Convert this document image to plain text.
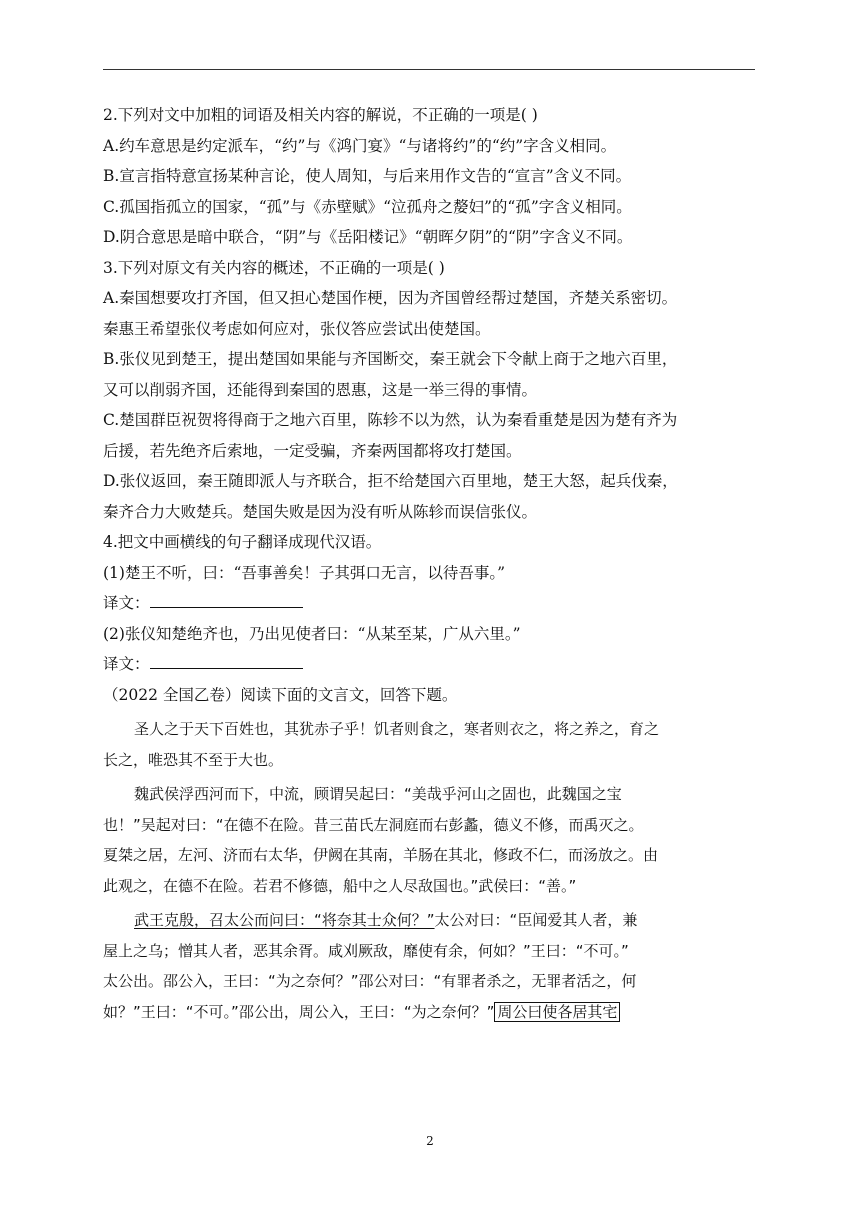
2.下列对文中加粗的词语及相关内容的解说，不正确的一项是( )
A.约车意思是约定派车，“约”与《鸿门宴》“与诸将约”的“约”字含义相同。
B.宣言指特意宣扬某种言论，使人周知，与后来用作文告的“宣言”含义不同。
C.孤国指孤立的国家，“孤”与《赤壁赋》“泣孤舟之嫠妇”的“孤”字含义相同。
D.阴合意思是暗中联合，“阴”与《岳阳楼记》“朝晖夕阴”的“阴”字含义不同。
3.下列对原文有关内容的概述，不正确的一项是( )
A.秦国想要攻打齐国，但又担心楚国作梗，因为齐国曾经帮过楚国，齐楚关系密切。
秦惠王希望张仪考虑如何应对，张仪答应尝试出使楚国。
B.张仪见到楚王，提出楚国如果能与齐国断交，秦王就会下令献上商于之地六百里，
又可以削弱齐国，还能得到秦国的恩惠，这是一举三得的事情。
C.楚国群臣祝贺将得商于之地六百里，陈轸不以为然，认为秦看重楚是因为楚有齐为
后援，若先绝齐后索地，一定受骗，齐秦两国都将攻打楚国。
D.张仪返回，秦王随即派人与齐联合，拒不给楚国六百里地，楚王大怒，起兵伐秦，
秦齐合力大败楚兵。楚国失败是因为没有听从陈轸而误信张仪。
4.把文中画横线的句子翻译成现代汉语。
(1)楚王不听，曰：“吾事善矣！子其弭口无言，以待吾事。”
译文：
(2)张仪知楚绝齐也，乃出见使者曰：“从某至某，广从六里。”
译文：
（2022 全国乙卷）阅读下面的文言文，回答下题。
圣人之于天下百姓也，其犹赤子乎！饥者则食之，寒者则衣之，将之养之，育之
长之，唯恐其不至于大也。
魏武侯浮西河而下，中流，顾谓吴起曰：“美哉乎河山之固也，此魏国之宝
也！”吴起对曰：“在德不在险。昔三苗氏左洞庭而右彭蠡，德义不修，而禹灭之。
夏桀之居，左河、济而右太华，伊阙在其南，羊肠在其北，修政不仁，而汤放之。由
此观之，在德不在险。若君不修德，船中之人尽敌国也。”武侯曰：“善。”
武王克殷，召太公而问曰：“将奈其士众何？”太公对曰：“臣闻爱其人者，兼
屋上之乌；憎其人者，恶其余胥。咸刈厥敌，靡使有余，何如？”王曰：“不可。”
太公出。邵公入，王曰：“为之奈何？”邵公对曰：“有罪者杀之，无罪者活之，何
如？”王曰：“不可。”邵公出，周公入，王曰：“为之奈何？” 周公曰使各居其宅
2
